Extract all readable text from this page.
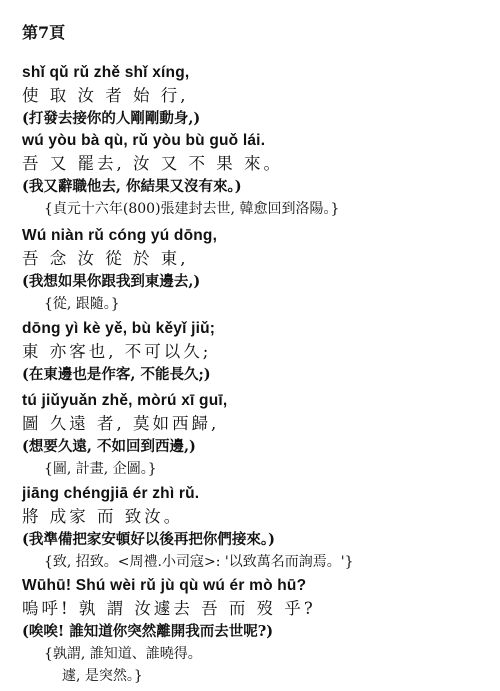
第7頁
shǐ qǔ rǔ zhě shǐ xíng,
使 取 汝 者 始 行,
(打發去接你的人剛剛動身,)
wú yòu bà qù, rǔ yòu bù guǒ lái.
吾 又 罷去, 汝 又 不 果 來。
(我又辭職他去, 你結果又沒有來。)
{貞元十六年(800)張建封去世, 韓愈回到洛陽。}
Wú niàn rǔ cóng yú dōng,
吾 念 汝 從 於 東,
(我想如果你跟我到東邊去,)
{從, 跟隨。}
dōng yì kè yě, bù kěyǐ jiǔ;
東 亦客也, 不可以久;
(在東邊也是作客, 不能長久;)
tú jiǔyuǎn zhě, mòrú xī guī,
圖 久遠 者, 莫如西歸,
(想要久遠, 不如回到西邊,)
{圖, 計畫, 企圖。}
jiāng chéngjiā ér zhì rǔ.
將 成家 而 致汝。
(我準備把家安頓好以後再把你們接來。)
{致, 招致。<周禮.小司寇>: '以致萬名而詢焉。'}
Wūhū! Shú wèi rǔ jù qù wú ér mò hū?
嗚呼! 孰 謂 汝遽去 吾 而 歿 乎?
(唉唉! 誰知道你突然離開我而去世呢?)
{孰謂, 誰知道、誰曉得。
遽, 是突然。}
